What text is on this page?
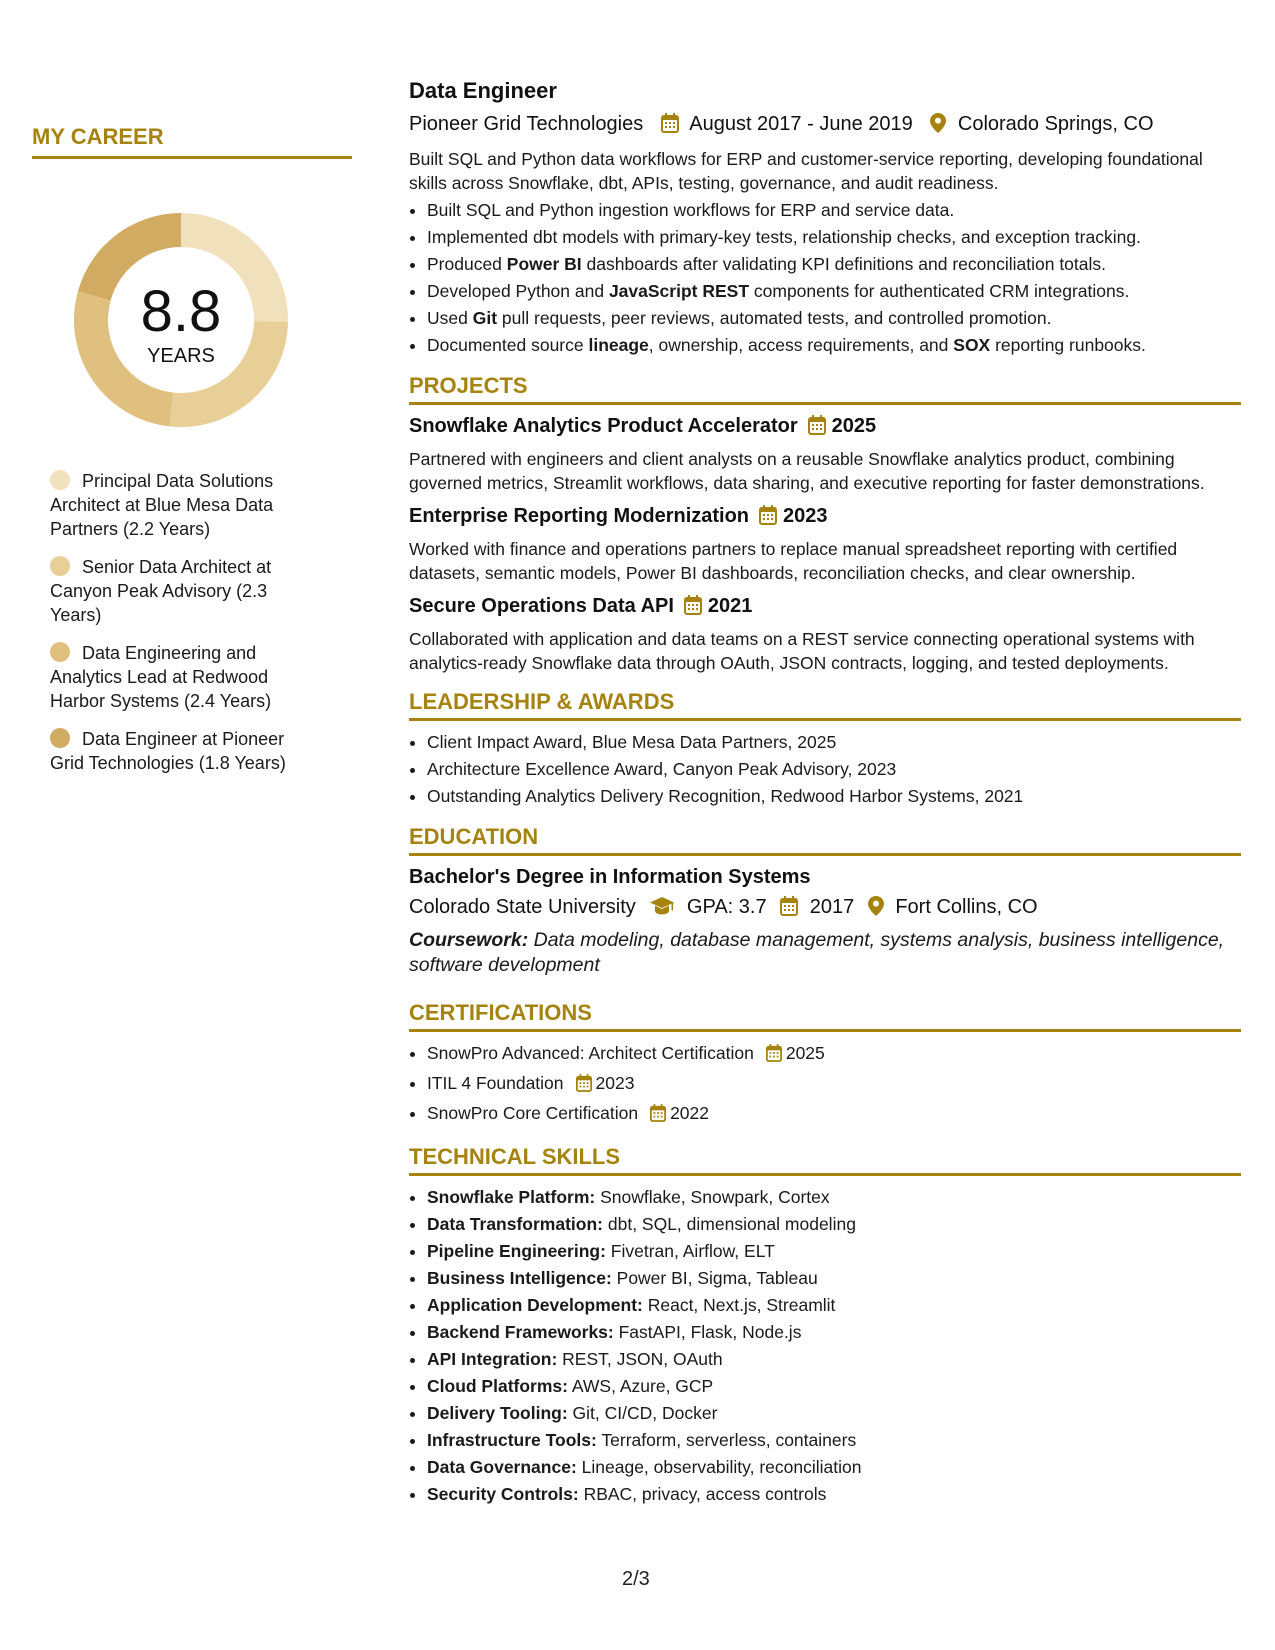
MY CAREER
8.8
YEARS
Principal Data Solutions Architect at Blue Mesa Data Partners (2.2 Years)
Senior Data Architect at Canyon Peak Advisory (2.3 Years)
Data Engineering and Analytics Lead at Redwood Harbor Systems (2.4 Years)
Data Engineer at Pioneer Grid Technologies (1.8 Years)
Data Engineer

Pioneer Grid Technologies August 2017 - June 2019 Colorado Springs, CO

Built SQL and Python data workflows for ERP and customer-service reporting, developing foundational skills across Snowflake, dbt, APIs, testing, governance, and audit readiness.

• Built SQL and Python ingestion workflows for ERP and service data.
• Implemented dbt models with primary-key tests, relationship checks, and exception tracking.
• Produced Power BI dashboards after validating KPI definitions and reconciliation totals.
• Developed Python and JavaScript REST components for authenticated CRM integrations.
• Used Git pull requests, peer reviews, automated tests, and controlled promotion.
• Documented source lineage, ownership, access requirements, and SOX reporting runbooks.
PROJECTS

Snowflake Analytics Product Accelerator 2025

Partnered with engineers and client analysts on a reusable Snowflake analytics product, combining governed metrics, Streamlit workflows, data sharing, and executive reporting for faster demonstrations.

Enterprise Reporting Modernization 2023

Worked with finance and operations partners to replace manual spreadsheet reporting with certified datasets, semantic models, Power BI dashboards, reconciliation checks, and clear ownership.

Secure Operations Data API 2021

Collaborated with application and data teams on a REST service connecting operational systems with analytics-ready Snowflake data through OAuth, JSON contracts, logging, and tested deployments.

LEADERSHIP & AWARDS
• Client Impact Award, Blue Mesa Data Partners, 2025
• Architecture Excellence Award, Canyon Peak Advisory, 2023
• Outstanding Analytics Delivery Recognition, Redwood Harbor Systems, 2021
EDUCATION

Bachelor's Degree in Information Systems

Colorado State University	GPA: 3.7 2017 Fort Collins, CO

Coursework: Data modeling, database management, systems analysis, business intelligence, software development

CERTIFICATIONS
• SnowPro Advanced: Architect Certification 2025
• ITIL 4 Foundation 2023
• SnowPro Core Certification 2022
TECHNICAL SKILLS
• Snowflake Platform: Snowflake, Snowpark, Cortex
• Data Transformation: dbt, SQL, dimensional modeling
• Pipeline Engineering: Fivetran, Airflow, ELT
• Business Intelligence: Power BI, Sigma, Tableau
• Application Development: React, Next.js, Streamlit
• Backend Frameworks: FastAPI, Flask, Node.js
• API Integration: REST, JSON, OAuth
• Cloud Platforms: AWS, Azure, GCP
• Delivery Tooling: Git, CI/CD, Docker
• Infrastructure Tools: Terraform, serverless, containers
• Data Governance: Lineage, observability, reconciliation
• Security Controls: RBAC, privacy, access controls
2/3
